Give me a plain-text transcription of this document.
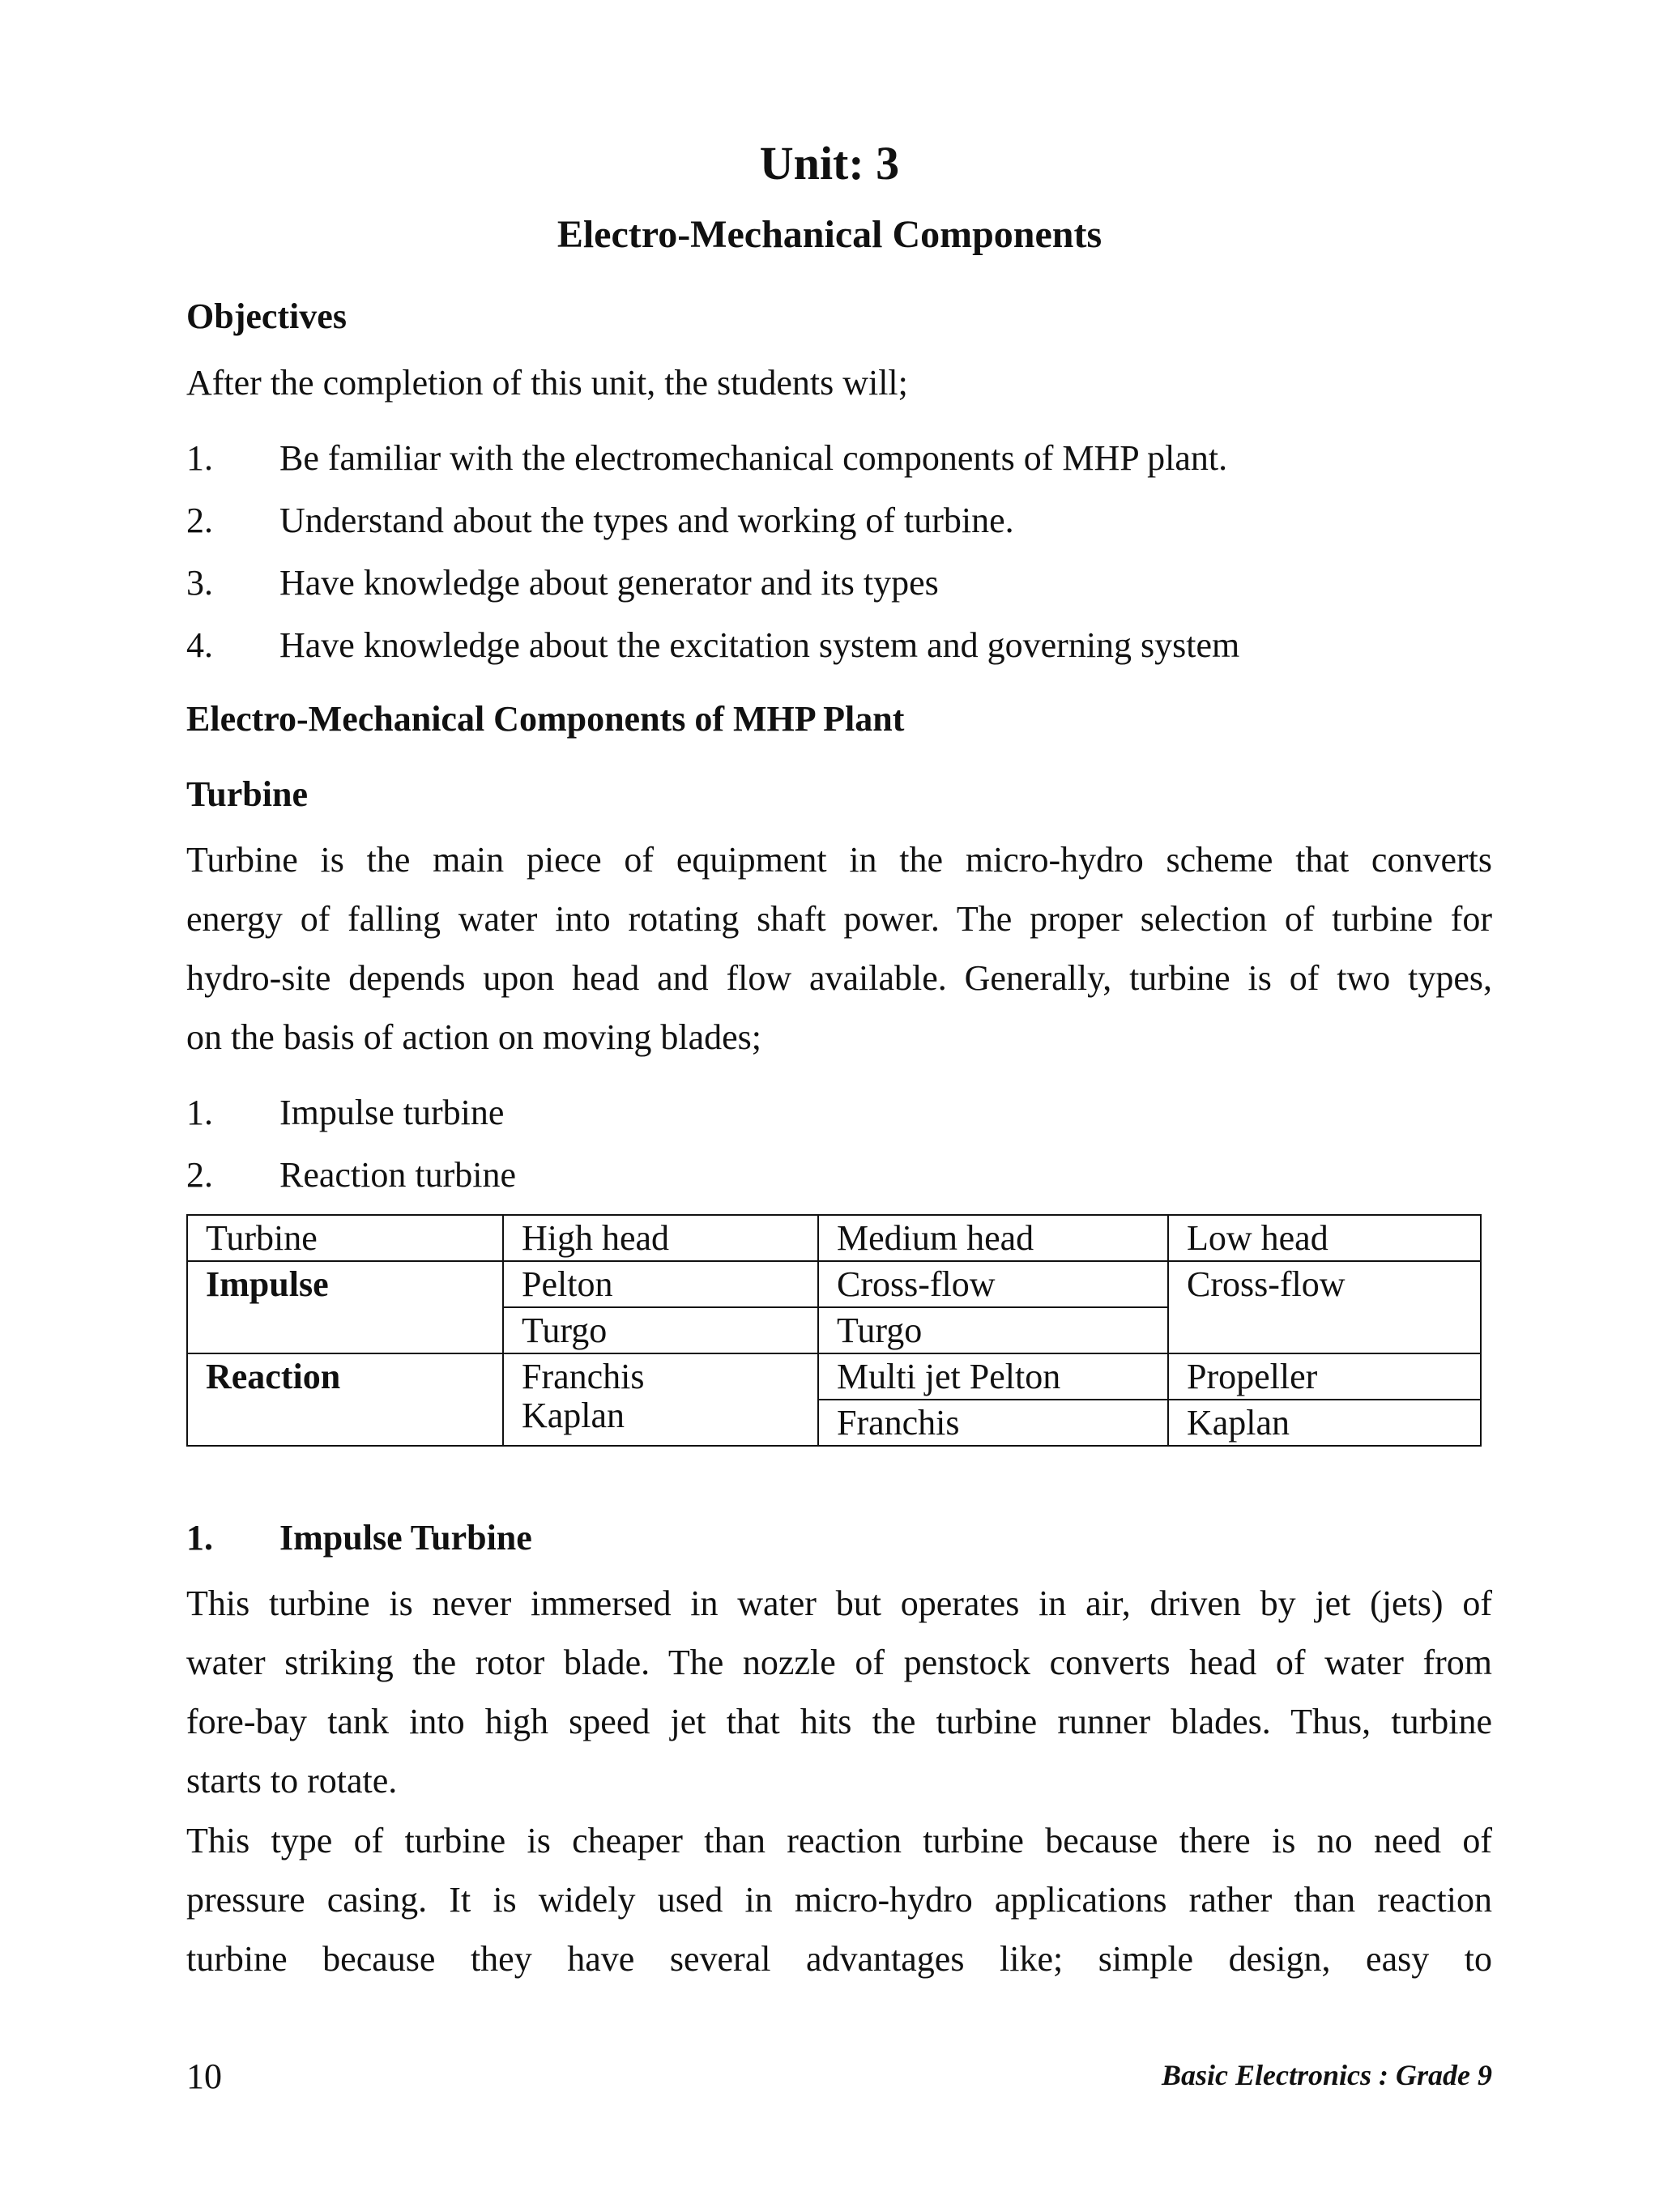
Unit: 3
Electro-Mechanical Components
Objectives
After the completion of this unit, the students will;
1. Be familiar with the electromechanical components of MHP plant.
2. Understand about the types and working of turbine.
3. Have knowledge about generator and its types
4. Have knowledge about the excitation system and governing system
Electro-Mechanical Components of MHP Plant
Turbine
Turbine is the main piece of equipment in the micro-hydro scheme that converts
energy of falling water into rotating shaft power. The proper selection of turbine for
hydro-site depends upon head and flow available. Generally, turbine is of two types,
on the basis of action on moving blades;
1. Impulse turbine
2. Reaction turbine
Turbine	High head	Medium head	Low head
Impulse	Pelton	Cross-flow	Cross-flow
	Turgo	Turgo	
Reaction	Franchis	Multi jet Pelton	Propeller
	Kaplan	Franchis	Kaplan
1. Impulse Turbine
This turbine is never immersed in water but operates in air, driven by jet (jets) of
water striking the rotor blade. The nozzle of penstock converts head of water from
fore-bay tank into high speed jet that hits the turbine runner blades. Thus, turbine
starts to rotate.
This type of turbine is cheaper than reaction turbine because there is no need of
pressure casing. It is widely used in micro-hydro applications rather than reaction
turbine because they have several advantages like; simple design, easy to
10	Basic Electronics : Grade 9
